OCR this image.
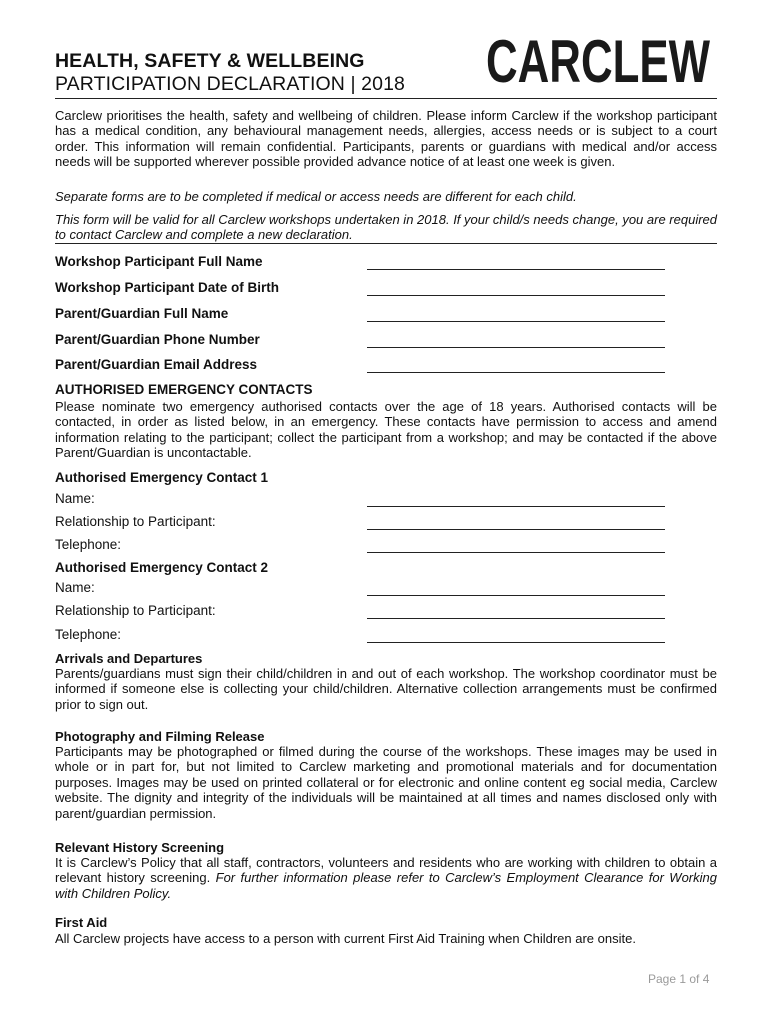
HEALTH, SAFETY & WELLBEING
PARTICIPATION DECLARATION | 2018 CARCLEW
Carclew prioritises the health, safety and wellbeing of children. Please inform Carclew if the workshop participant has a medical condition, any behavioural management needs, allergies, access needs or is subject to a court order. This information will remain confidential. Participants, parents or guardians with medical and/or access needs will be supported wherever possible provided advance notice of at least one week is given.
Separate forms are to be completed if medical or access needs are different for each child.
This form will be valid for all Carclew workshops undertaken in 2018. If your child/s needs change, you are required to contact Carclew and complete a new declaration.
Workshop Participant Full Name
Workshop Participant Date of Birth
Parent/Guardian Full Name
Parent/Guardian Phone Number
Parent/Guardian Email Address
AUTHORISED EMERGENCY CONTACTS
Please nominate two emergency authorised contacts over the age of 18 years. Authorised contacts will be contacted, in order as listed below, in an emergency. These contacts have permission to access and amend information relating to the participant; collect the participant from a workshop; and may be contacted if the above Parent/Guardian is uncontactable.
Authorised Emergency Contact 1
Name:
Relationship to Participant:
Telephone:
Authorised Emergency Contact 2
Name:
Relationship to Participant:
Telephone:
Arrivals and Departures
Parents/guardians must sign their child/children in and out of each workshop. The workshop coordinator must be informed if someone else is collecting your child/children. Alternative collection arrangements must be confirmed prior to sign out.
Photography and Filming Release
Participants may be photographed or filmed during the course of the workshops. These images may be used in whole or in part for, but not limited to Carclew marketing and promotional materials and for documentation purposes. Images may be used on printed collateral or for electronic and online content eg social media, Carclew website. The dignity and integrity of the individuals will be maintained at all times and names disclosed only with parent/guardian permission.
Relevant History Screening
It is Carclew’s Policy that all staff, contractors, volunteers and residents who are working with children to obtain a relevant history screening. For further information please refer to Carclew’s Employment Clearance for Working with Children Policy.
First Aid
All Carclew projects have access to a person with current First Aid Training when Children are onsite.
Page 1 of 4
